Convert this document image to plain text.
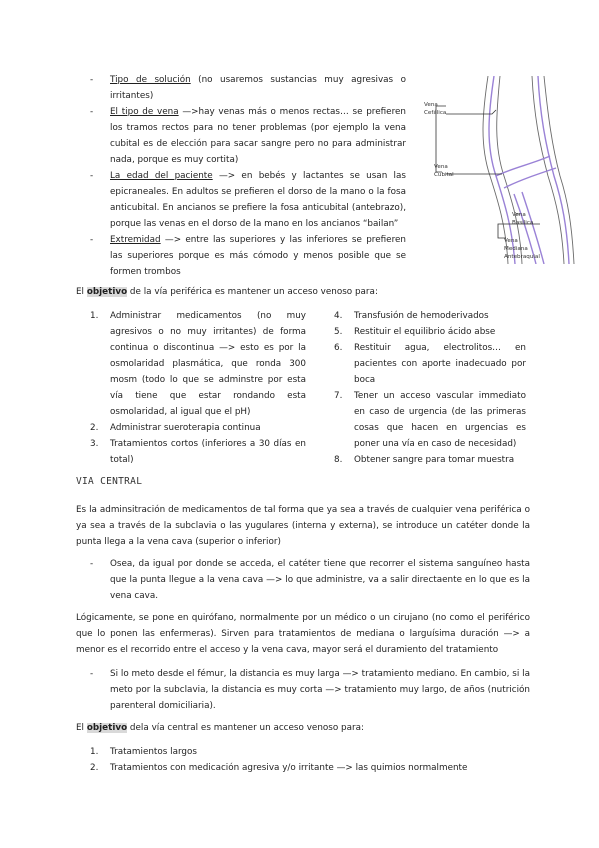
-	Tipo de solución (no usaremos sustancias muy agresivas o irritantes)
-	El tipo de vena —>hay venas más o menos rectas… se prefieren los tramos rectos para no tener problemas (por ejemplo la vena cubital es de elección para sacar sangre pero no para administrar nada, porque es muy cortita)
-	La edad del paciente —> en bebés y lactantes se usan las epicraneales. En adultos se prefieren el dorso de la mano o la fosa anticubital. En ancianos se prefiere la fosa anticubital (antebrazo), porque las venas en el dorso de la mano en los ancianos “bailan”
-	Extremidad —> entre las superiores y las inferiores se prefieren las superiores porque es más cómodo y menos posible que se formen trombos
Vena
Cefálica
Vena
Cubital
Vena
Basílica
Vena
Mediana
Antebraquial
El objetivo de la vía periférica es mantener un acceso venoso para:
1.	Administrar medicamentos (no muy agresivos o no muy irritantes) de forma continua o discontinua —> esto es por la osmolaridad plasmática, que ronda 300 mosm (todo lo que se adminstre por esta vía tiene que estar rondando esta osmolaridad, al igual que el pH)
2.	Administrar sueroterapia continua
3.	Tratamientos cortos (inferiores a 30 días en total)
4.	Transfusión de hemoderivados
5.	Restituir el equilibrio ácido abse
6.	Restituir agua, electrolitos… en pacientes con aporte inadecuado por boca
7.	Tener un acceso vascular immediato en caso de urgencia (de las primeras cosas que hacen en urgencias es poner una vía en caso de necesidad)
8.	Obtener sangre para tomar muestra
VIA CENTRAL
Es la adminsitración de medicamentos de tal forma que ya sea a través de cualquier vena periférica o ya sea a través de la subclavia o las yugulares (interna y externa), se introduce un catéter donde la punta llega a la vena cava (superior o inferior)
-	Osea, da igual por donde se acceda, el catéter tiene que recorrer el sistema sanguíneo hasta que la punta llegue a la vena cava —> lo que administre, va a salir directaente en lo que es la vena cava.
Lógicamente, se pone en quirófano, normalmente por un médico o un cirujano (no como el periférico que lo ponen las enfermeras). Sirven para tratamientos de mediana o larguísima duración —> a menor es el recorrido entre el acceso y la vena cava, mayor será el duramiento del tratamiento
-	Si lo meto desde el fémur, la distancia es muy larga —> tratamiento mediano. En cambio, si la meto por la subclavia, la distancia es muy corta —> tratamiento muy largo, de años (nutrición parenteral domiciliaria).
El objetivo dela vía central es mantener un acceso venoso para:
1.	Tratamientos largos
2.	Tratamientos con medicación agresiva y/o irritante —> las quimios normalmente
